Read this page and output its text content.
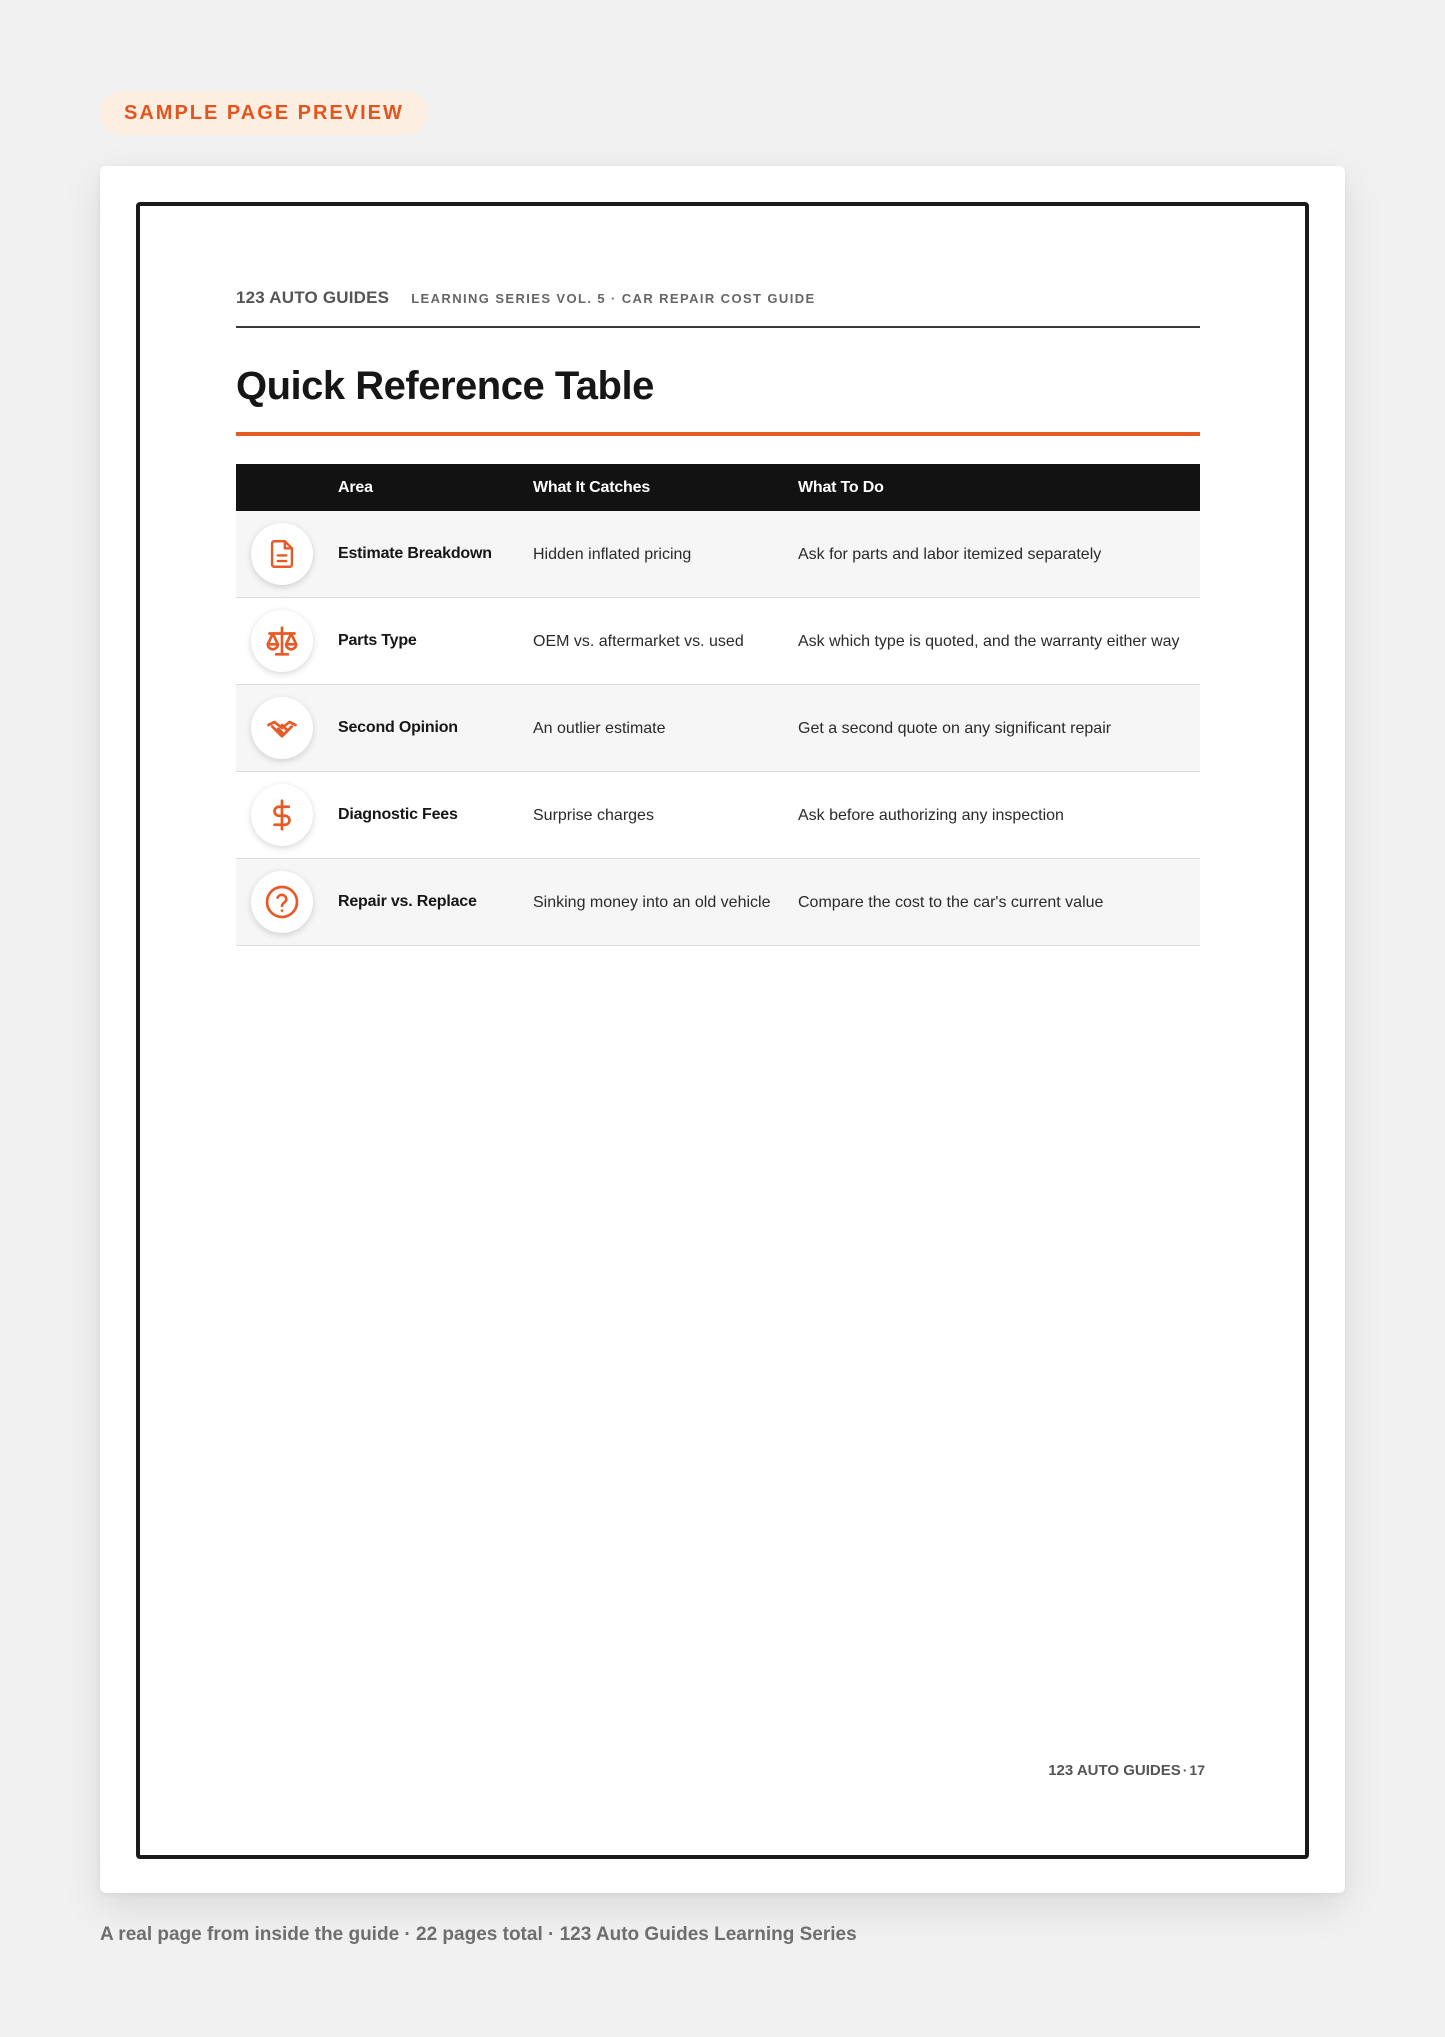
SAMPLE PAGE PREVIEW
123 AUTO GUIDES LEARNING SERIES VOL. 5 · CAR REPAIR COST GUIDE
Quick Reference Table
Area	What It Catches	What To Do
Estimate Breakdown	Hidden inflated pricing	Ask for parts and labor itemized separately
Parts Type	OEM vs. aftermarket vs. used	Ask which type is quoted, and the warranty either way
Second Opinion	An outlier estimate	Get a second quote on any significant repair
Diagnostic Fees	Surprise charges	Ask before authorizing any inspection
Repair vs. Replace	Sinking money into an old vehicle	Compare the cost to the car's current value
123 AUTO GUIDES · 17
A real page from inside the guide · 22 pages total · 123 Auto Guides Learning Series
